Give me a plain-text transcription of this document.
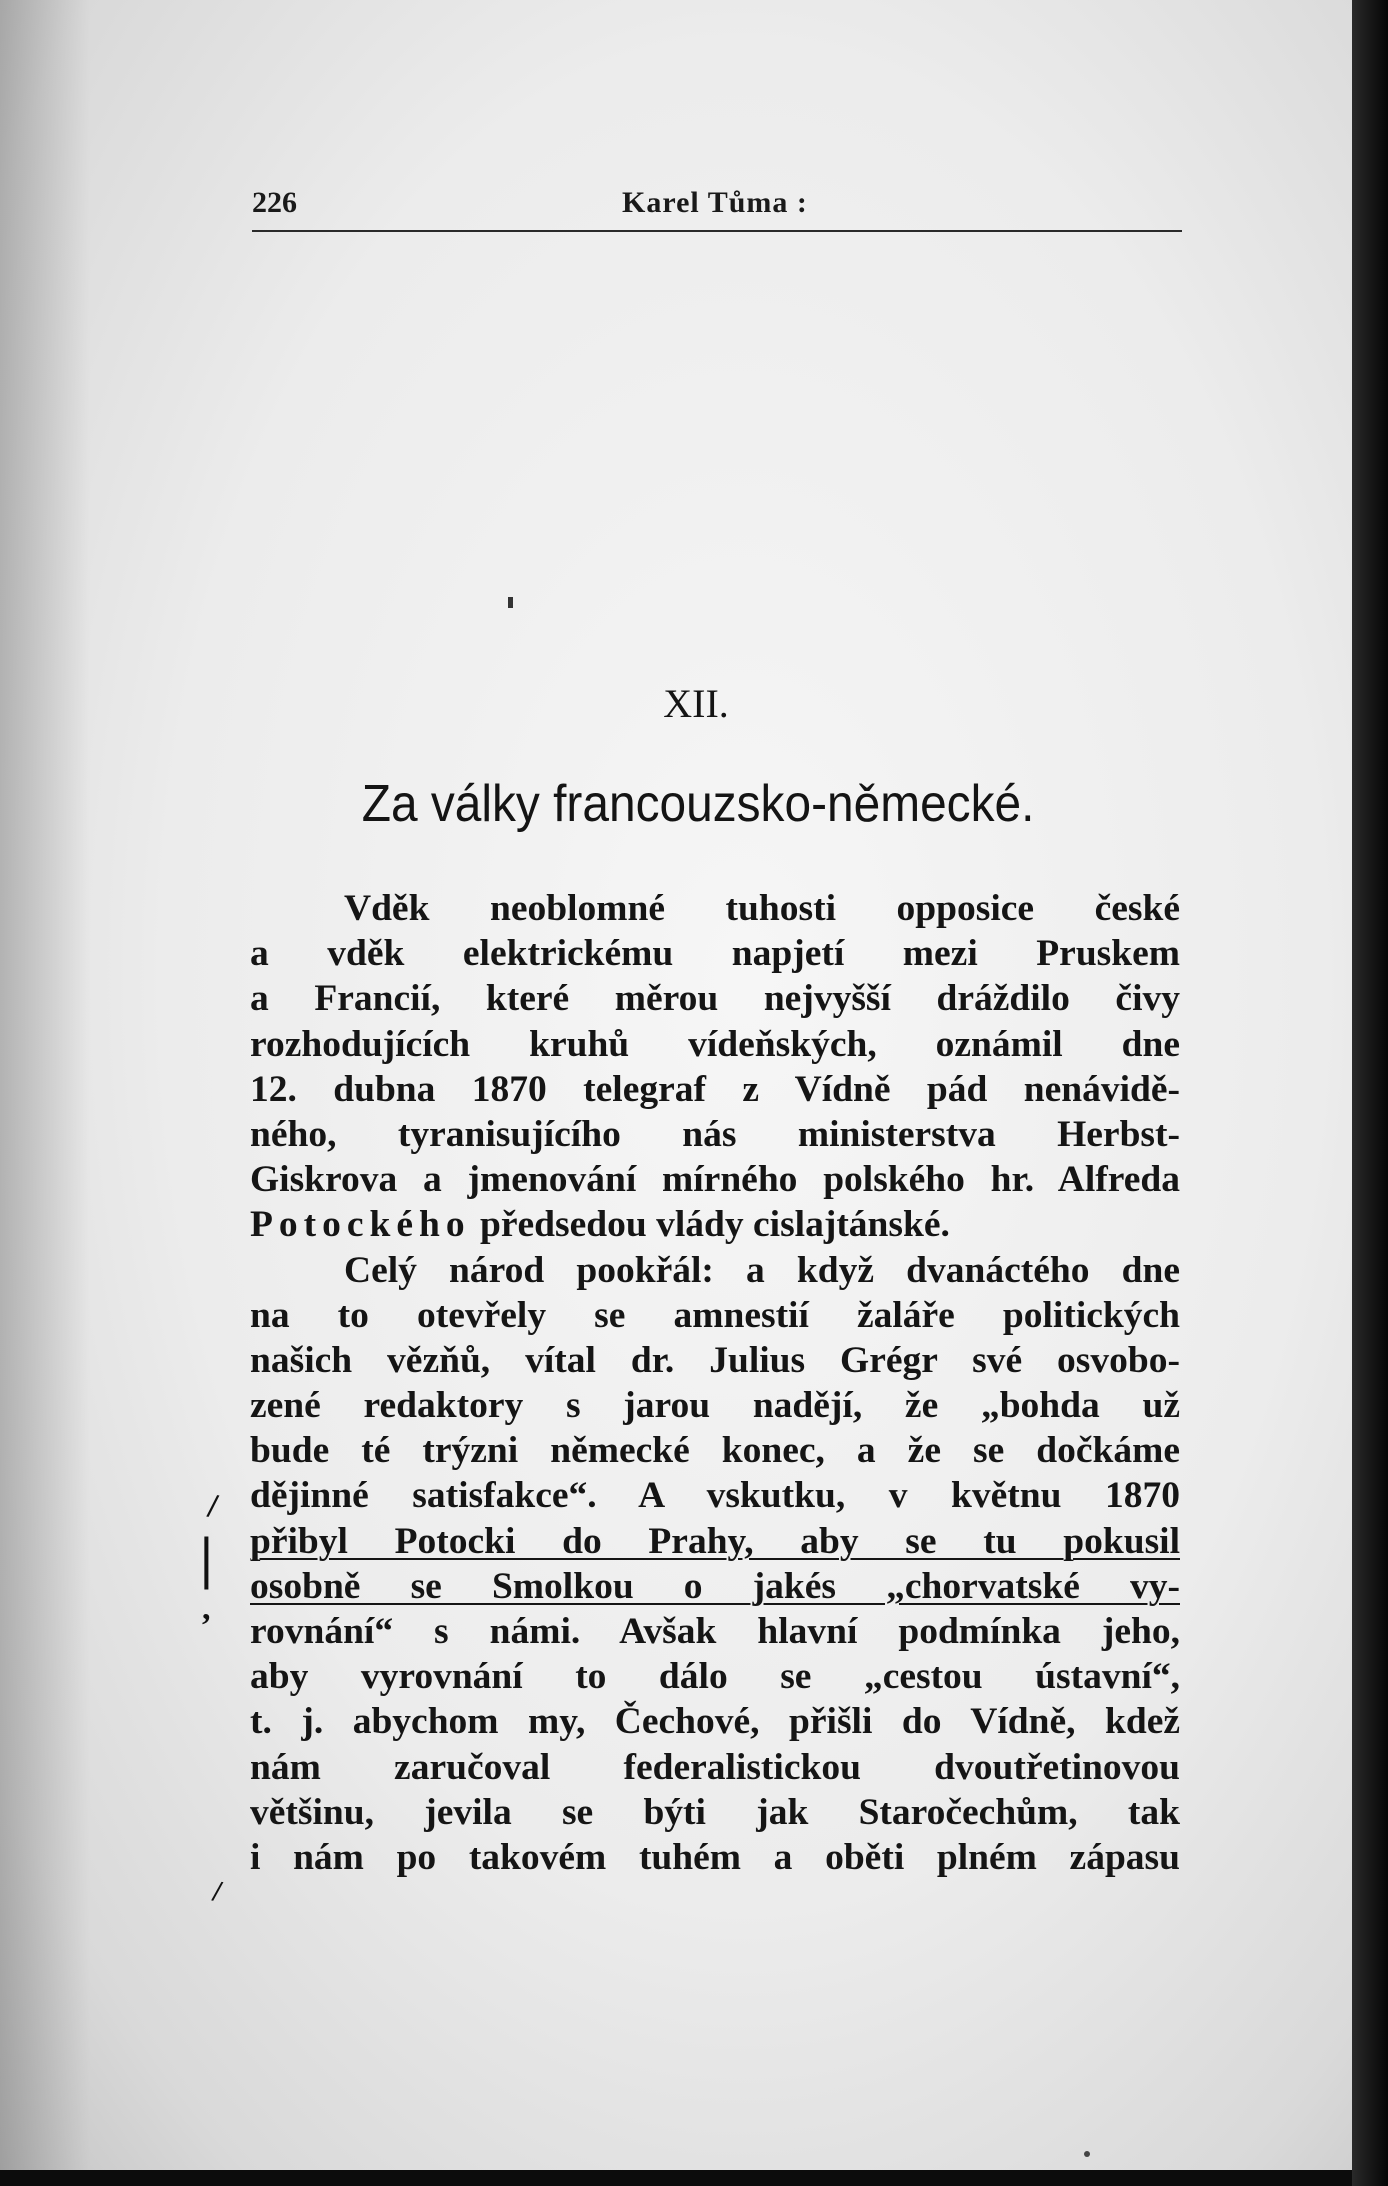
226	Karel Tůma :
XII.
Za války francouzsko-německé.
Vděk neoblomné tuhosti opposice české
a vděk elektrickému napjetí mezi Pruskem
a Francií, které měrou nejvyšší dráždilo čivy
rozhodujících kruhů vídeňských, oznámil dne
12. dubna 1870 telegraf z Vídně pád nenávidě-
ného, tyranisujícího nás ministerstva Herbst-
Giskrova a jmenování mírného polského hr. Alfreda
Potockého předsedou vlády cislajtánské.
Celý národ pookřál: a když dvanáctého dne
na to otevřely se amnestií žaláře politických
našich vězňů, vítal dr. Julius Grégr své osvobo-
zené redaktory s jarou nadějí, že „bohda už
bude té trýzni německé konec, a že se dočkáme
dějinné satisfakce“. A vskutku, v květnu 1870
přibyl Potocki do Prahy, aby se tu pokusil
osobně se Smolkou o jakés „chorvatské vy-
rovnání“ s námi. Avšak hlavní podmínka jeho,
aby vyrovnání to dálo se „cestou ústavní“,
t. j. abychom my, Čechové, přišli do Vídně, kdež
nám zaručoval federalistickou dvoutřetinovou
většinu, jevila se býti jak Staročechům, tak
i nám po takovém tuhém a oběti plném zápasu
/
|
,
/
